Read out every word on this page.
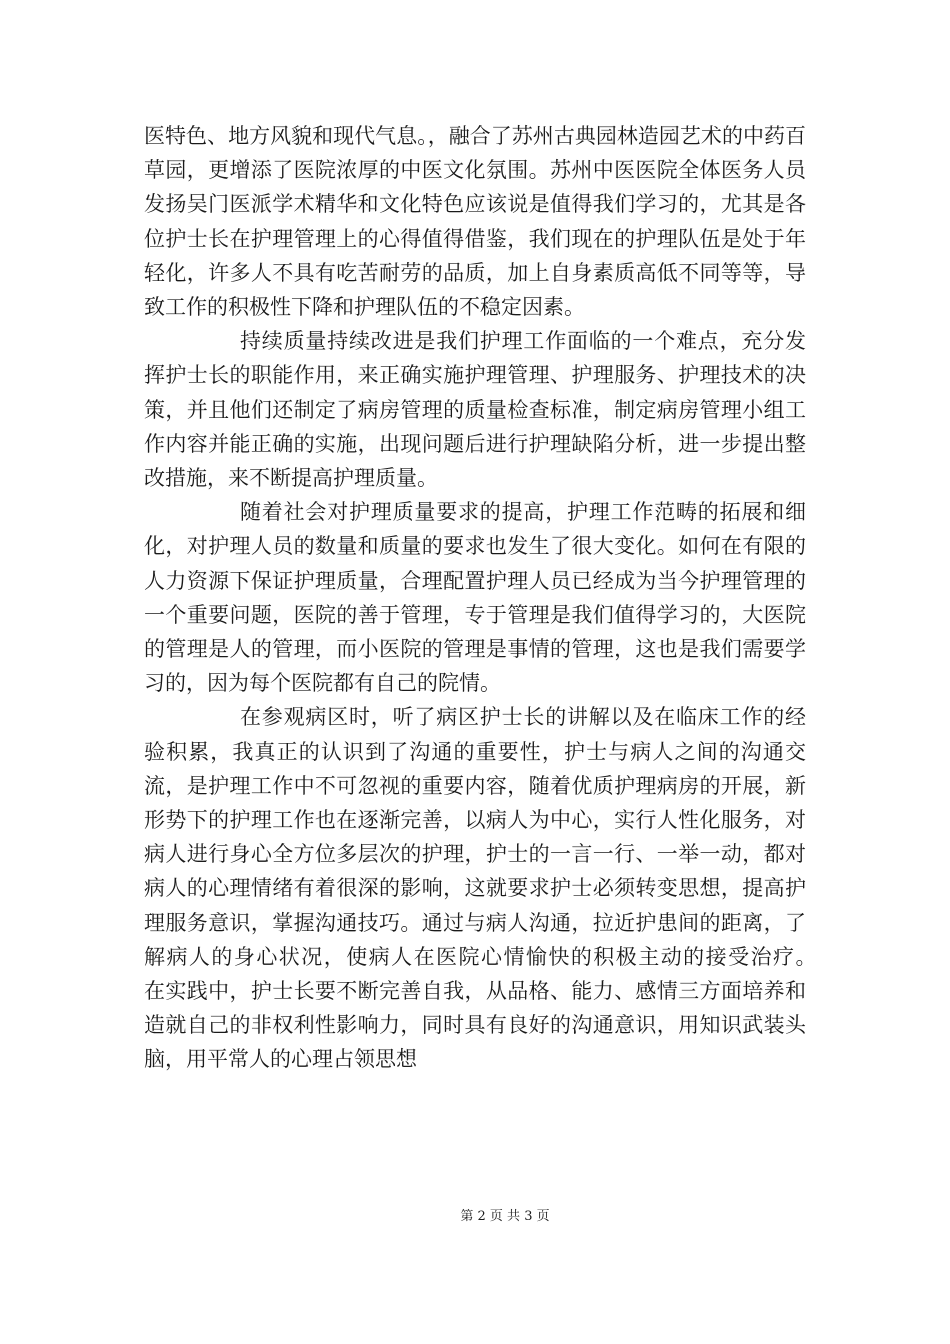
医特色、地方风貌和现代气息。，融合了苏州古典园林造园艺术的中药百草园，更增添了医院浓厚的中医文化氛围。苏州中医医院全体医务人员发扬吴门医派学术精华和文化特色应该说是值得我们学习的，尤其是各位护士长在护理管理上的心得值得借鉴，我们现在的护理队伍是处于年轻化，许多人不具有吃苦耐劳的品质，加上自身素质高低不同等等，导致工作的积极性下降和护理队伍的不稳定因素。

持续质量持续改进是我们护理工作面临的一个难点，充分发挥护士长的职能作用，来正确实施护理管理、护理服务、护理技术的决策，并且他们还制定了病房管理的质量检查标准，制定病房管理小组工作内容并能正确的实施，出现问题后进行护理缺陷分析，进一步提出整改措施，来不断提高护理质量。

随着社会对护理质量要求的提高，护理工作范畴的拓展和细化，对护理人员的数量和质量的要求也发生了很大变化。如何在有限的人力资源下保证护理质量，合理配置护理人员已经成为当今护理管理的一个重要问题，医院的善于管理，专于管理是我们值得学习的，大医院的管理是人的管理，而小医院的管理是事情的管理，这也是我们需要学习的，因为每个医院都有自己的院情。

在参观病区时，听了病区护士长的讲解以及在临床工作的经验积累，我真正的认识到了沟通的重要性，护士与病人之间的沟通交流，是护理工作中不可忽视的重要内容，随着优质护理病房的开展，新形势下的护理工作也在逐渐完善，以病人为中心，实行人性化服务，对病人进行身心全方位多层次的护理，护士的一言一行、一举一动，都对病人的心理情绪有着很深的影响，这就要求护士必须转变思想，提高护理服务意识，掌握沟通技巧。通过与病人沟通，拉近护患间的距离，了解病人的身心状况，使病人在医院心情愉快的积极主动的接受治疗。　　在实践中，护士长要不断完善自我，从品格、能力、感情三方面培养和造就自己的非权利性影响力，同时具有良好的沟通意识，用知识武装头脑，用平常人的心理占领思想

第 2 页 共 3 页
